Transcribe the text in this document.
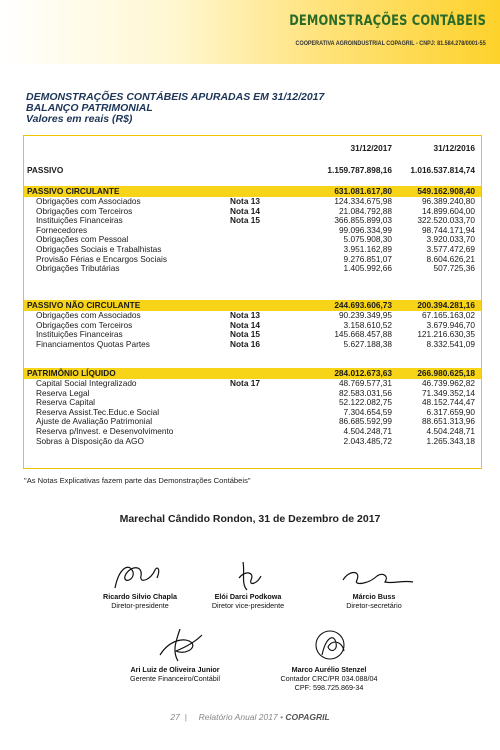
DEMONSTRAÇÕES CONTÁBEIS
COOPERATIVA AGROINDUSTRIAL COPAGRIL - CNPJ: 81.584.278/0001-55
DEMONSTRAÇÕES CONTÁBEIS APURADAS EM 31/12/2017
BALANÇO PATRIMONIAL
Valores em reais (R$)
31/12/2017	31/12/2016
PASSIVO	1.159.787.898,16 1.016.537.814,74
PASSIVO CIRCULANTE	631.081.617,80	549.162.908,40
Obrigações com Associados	Nota 13	124.334.675,98	96.389.240,80
Obrigações com Terceiros	Nota 14	21.084.792,88	14.899.604,00
Instituições Financeiras	Nota 15	366.855.899,03	322.520.033,70
Fornecedores	99.096.334,99	98.744.171,94
Obrigações com Pessoal	5.075.908,30	3.920.033,70
Obrigações Sociais e Trabalhistas	3.951.162,89	3.577.472,69
Provisão Férias e Encargos Sociais	9.276.851,07	8.604.626,21
Obrigações Tributárias	1.405.992,66	507.725,36
PASSIVO NÃO CIRCULANTE	244.693.606,73	200.394.281,16
Obrigações com Associados	Nota 13	90.239.349,95	67.165.163,02
Obrigações com Terceiros	Nota 14	3.158.610,52	3.679.946,70
Instituições Financeiras	Nota 15	145.668.457,88	121.216.630,35
Financiamentos Quotas Partes	Nota 16	5.627.188,38	8.332.541,09
PATRIMÔNIO LÍQUIDO	284.012.673,63	266.980.625,18
Capital Social Integralizado	Nota 17	48.769.577,31	46.739.962,82
Reserva Legal	82.583.031,56	71.349.352,14
Reserva Capital	52.122.082,75	48.152.744,47
Reserva Assist.Tec.Educ.e Social	7.304.654,59	6.317.659,90
Ajuste de Avaliação Patrimonial	86.685.592,99	88.651.313,96
Reserva p/Invest. e Desenvolvimento	4.504.248,71	4.504.248,71
Sobras à Disposição da AGO	2.043.485,72	1.265.343,18
"As Notas Explicativas fazem parte das Demonstrações Contábeis"
Marechal Cândido Rondon, 31 de Dezembro de 2017
Ricardo Silvio Chapla
Diretor-presidente
Elói Darci Podkowa
Diretor vice-presidente
Márcio Buss
Diretor-secretário
Ari Luiz de Oliveira Junior
Gerente Financeiro/Contábil
Marco Aurélio Stenzel
Contador CRC/PR 034.088/04
CPF: 598.725.869-34
27  |     Relatório Anual 2017 • COPAGRIL
